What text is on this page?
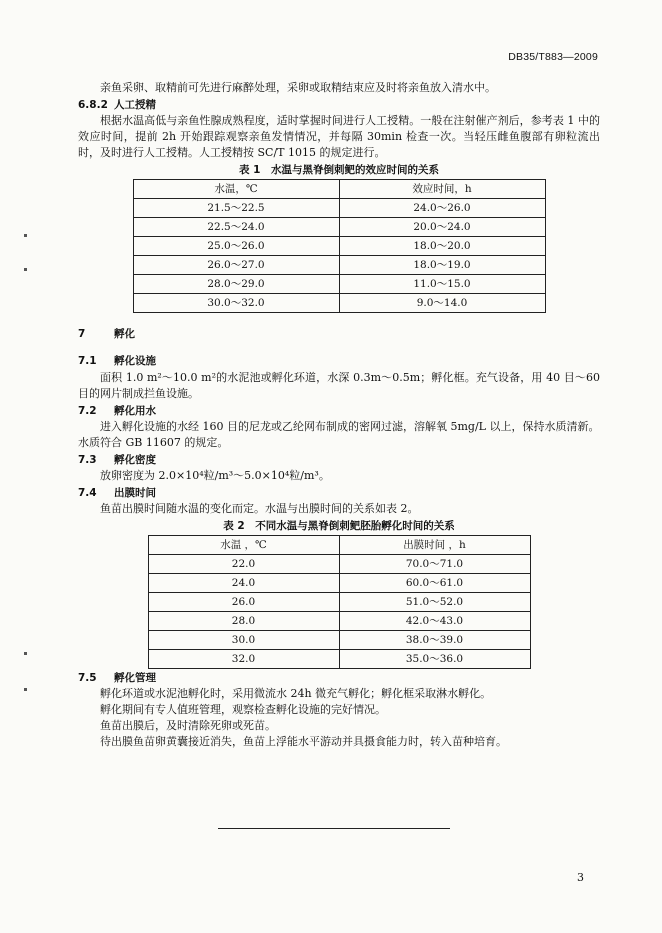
DB35/T883—2009

亲鱼采卵、取精前可先进行麻醉处理，采卵或取精结束应及时将亲鱼放入清水中。

6.8.2 人工授精

根据水温高低与亲鱼性腺成熟程度，适时掌握时间进行人工授精。一般在注射催产剂后，参考表 1 中的效应时间，提前 2h 开始跟踪观察亲鱼发情情况，并每隔 30min 检查一次。当轻压雌鱼腹部有卵粒流出时，及时进行人工授精。人工授精按 SC/T 1015 的规定进行。

表 1　水温与黑脊倒刺鲃的效应时间的关系
水温，℃	效应时间，h
21.5～22.5	24.0～26.0
22.5～24.0	20.0～24.0
25.0～26.0	18.0～20.0
26.0～27.0	18.0～19.0
28.0～29.0	11.0～15.0
30.0～32.0	9.0～14.0
7	孵化
7.1 孵化设施

面积 1.0 m²～10.0 m²的水泥池或孵化环道，水深 0.3m～0.5m；孵化框。充气设备，用 40 目～60 目的网片制成拦鱼设施。

7.2 孵化用水

进入孵化设施的水经 160 目的尼龙或乙纶网布制成的密网过滤，溶解氧 5mg/L 以上，保持水质清新。

水质符合 GB 11607 的规定。

7.3 孵化密度

放卵密度为 2.0×10⁴粒/m³～5.0×10⁴粒/m³。

7.4 出膜时间

鱼苗出膜时间随水温的变化而定。水温与出膜时间的关系如表 2。

表 2　不同水温与黑脊倒刺鲃胚胎孵化时间的关系
水温 ，℃	出膜时间 ，h
22.0	70.0～71.0
24.0	60.0～61.0
26.0	51.0～52.0
28.0	42.0～43.0
30.0	38.0～39.0
32.0	35.0～36.0
7.5 孵化管理

孵化环道或水泥池孵化时，采用微流水 24h 微充气孵化；孵化框采取淋水孵化。

孵化期间有专人值班管理，观察检查孵化设施的完好情况。

鱼苗出膜后，及时清除死卵或死苗。

待出膜鱼苗卵黄囊接近消失，鱼苗上浮能水平游动并具摄食能力时，转入苗种培育。

3
